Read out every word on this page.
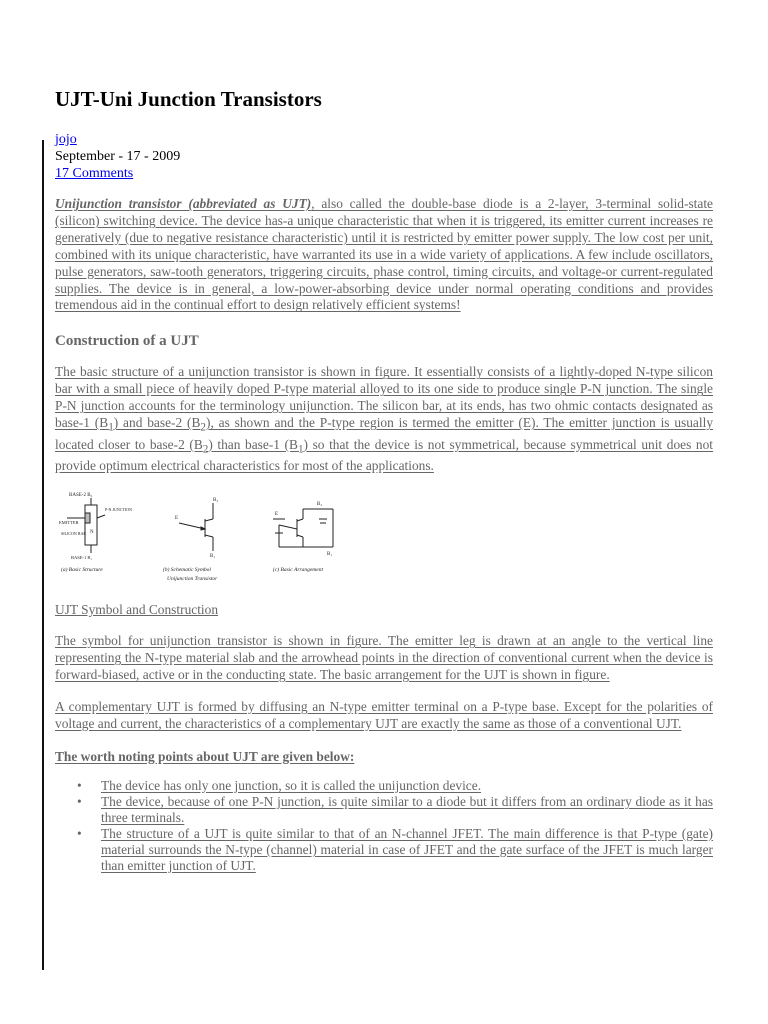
UJT-Uni Junction Transistors
jojo
September - 17 - 2009
17 Comments
Unijunction transistor (abbreviated as UJT), also called the double-base diode is a 2-layer, 3-terminal solid-state (silicon) switching device. The device has-a unique characteristic that when it is triggered, its emitter current increases re generatively (due to negative resistance characteristic) until it is restricted by emitter power supply. The low cost per unit, combined with its unique characteristic, have warranted its use in a wide variety of applications. A few include oscillators, pulse generators, saw-tooth generators, triggering circuits, phase control, timing circuits, and voltage-or current-regulated supplies. The device is in general, a low-power-absorbing device under normal operating conditions and provides tremendous aid in the continual effort to design relatively efficient systems!
Construction of a UJT
The basic structure of a unijunction transistor is shown in figure. It essentially consists of a lightly-doped N-type silicon bar with a small piece of heavily doped P-type material alloyed to its one side to produce single P-N junction. The single P-N junction accounts for the terminology unijunction. The silicon bar, at its ends, has two ohmic contacts designated as base-1 $(B_1)$ and base-2 $(B_2)$, as shown and the P-type region is termed the emitter (E). The emitter junction is usually located closer to base-2 $(B_2)$ than base-1 $(B_1)$ so that the device is not symmetrical, because symmetrical unit does not provide optimum electrical characteristics for most of the applications.
BASE-2 B₂
N
EMITTER
P-N JUNCTION
SILICON BAR
BASE-1 B₁
(a) Basic Structure
B₂
E
B₁
(b) Schematic Symbol
Unijunction Transistor
B₂
B₁
E
(c) Basic Arrangement
UJT Symbol and Construction
The symbol for unijunction transistor is shown in figure. The emitter leg is drawn at an angle to the vertical line representing the N-type material slab and the arrowhead points in the direction of conventional current when the device is forward-biased, active or in the conducting state. The basic arrangement for the UJT is shown in figure.
A complementary UJT is formed by diffusing an N-type emitter terminal on a P-type base. Except for the polarities of voltage and current, the characteristics of a complementary UJT are exactly the same as those of a conventional UJT.
The worth noting points about UJT are given below:
• The device has only one junction, so it is called the unijunction device.
• The device, because of one P-N junction, is quite similar to a diode but it differs from an ordinary diode as it has three terminals.
• The structure of a UJT is quite similar to that of an N-channel JFET. The main difference is that P-type (gate) material surrounds the N-type (channel) material in case of JFET and the gate surface of the JFET is much larger than emitter junction of UJT.
